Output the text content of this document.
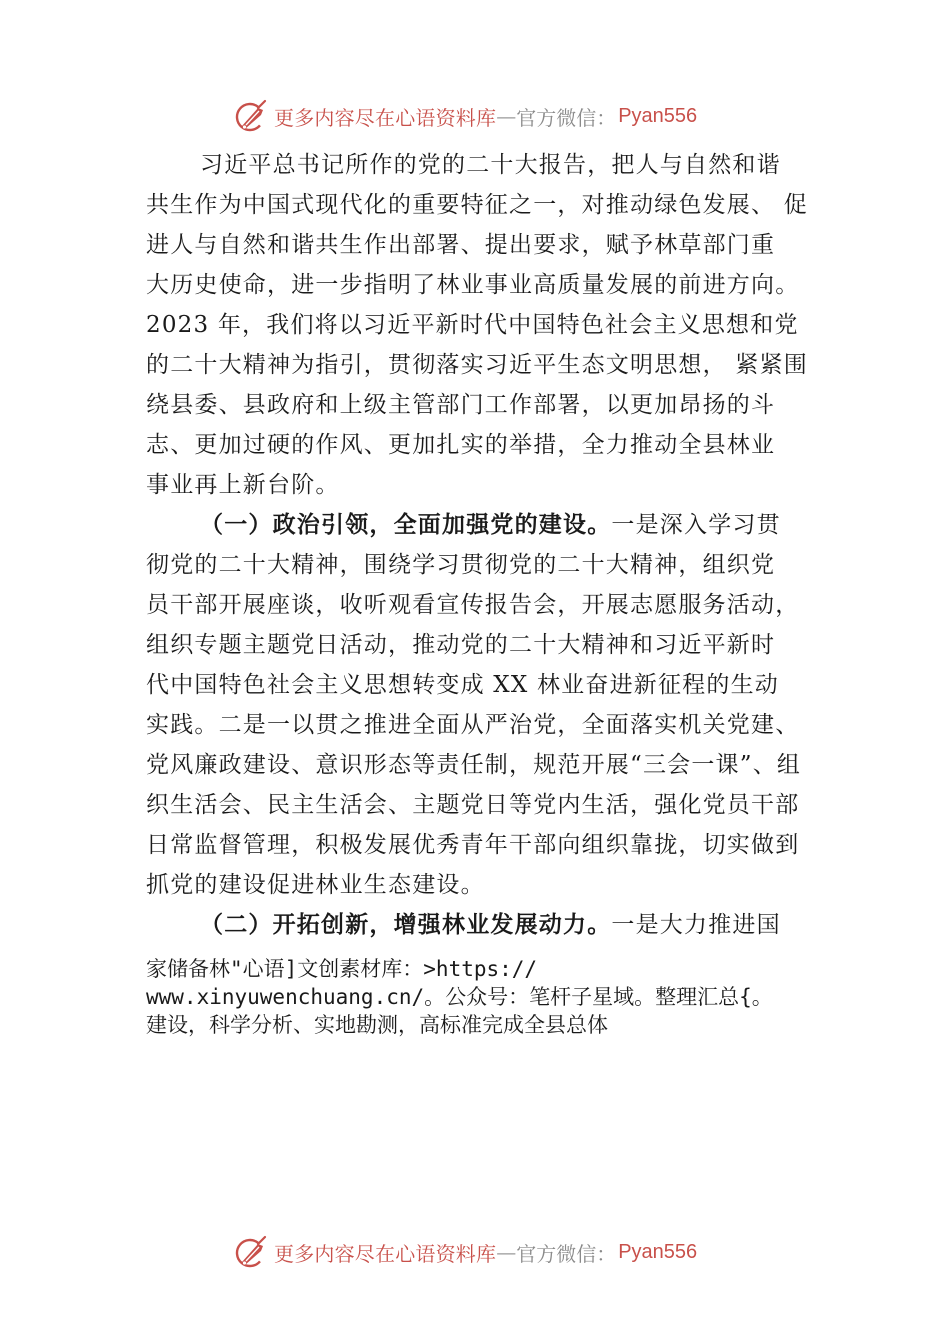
更多内容尽在心语资料库 — 官方微信： Pyan556
习近平总书记所作的党的二十大报告，把人与自然和谐
共生作为中国式现代化的重要特征之一，对推动绿色发展、 促
进人与自然和谐共生作出部署、提出要求，赋予林草部门重
大历史使命，进一步指明了林业事业高质量发展的前进方向。
2023 年，我们将以习近平新时代中国特色社会主义思想和党
的二十大精神为指引，贯彻落实习近平生态文明思想， 紧紧围
绕县委、县政府和上级主管部门工作部署，以更加昂扬的斗
志、更加过硬的作风、更加扎实的举措，全力推动全县林业
事业再上新台阶。
（一）政治引领，全面加强党的建设。一是深入学习贯
彻党的二十大精神，围绕学习贯彻党的二十大精神，组织党
员干部开展座谈，收听观看宣传报告会，开展志愿服务活动，
组织专题主题党日活动，推动党的二十大精神和习近平新时
代中国特色社会主义思想转变成 XX 林业奋进新征程的生动
实践。二是一以贯之推进全面从严治党，全面落实机关党建、
党风廉政建设、意识形态等责任制，规范开展“三会一课”、组
织生活会、民主生活会、主题党日等党内生活，强化党员干部
日常监督管理，积极发展优秀青年干部向组织靠拢，切实做到
抓党的建设促进林业生态建设。
（二）开拓创新，增强林业发展动力。一是大力推进国
家储备林"心语]文创素材库：>https://
www.xinyuwenchuang.cn/。公众号：笔杆子星域。整理汇总{。
建设，科学分析、实地勘测，高标准完成全县总体
更多内容尽在心语资料库 — 官方微信： Pyan556
